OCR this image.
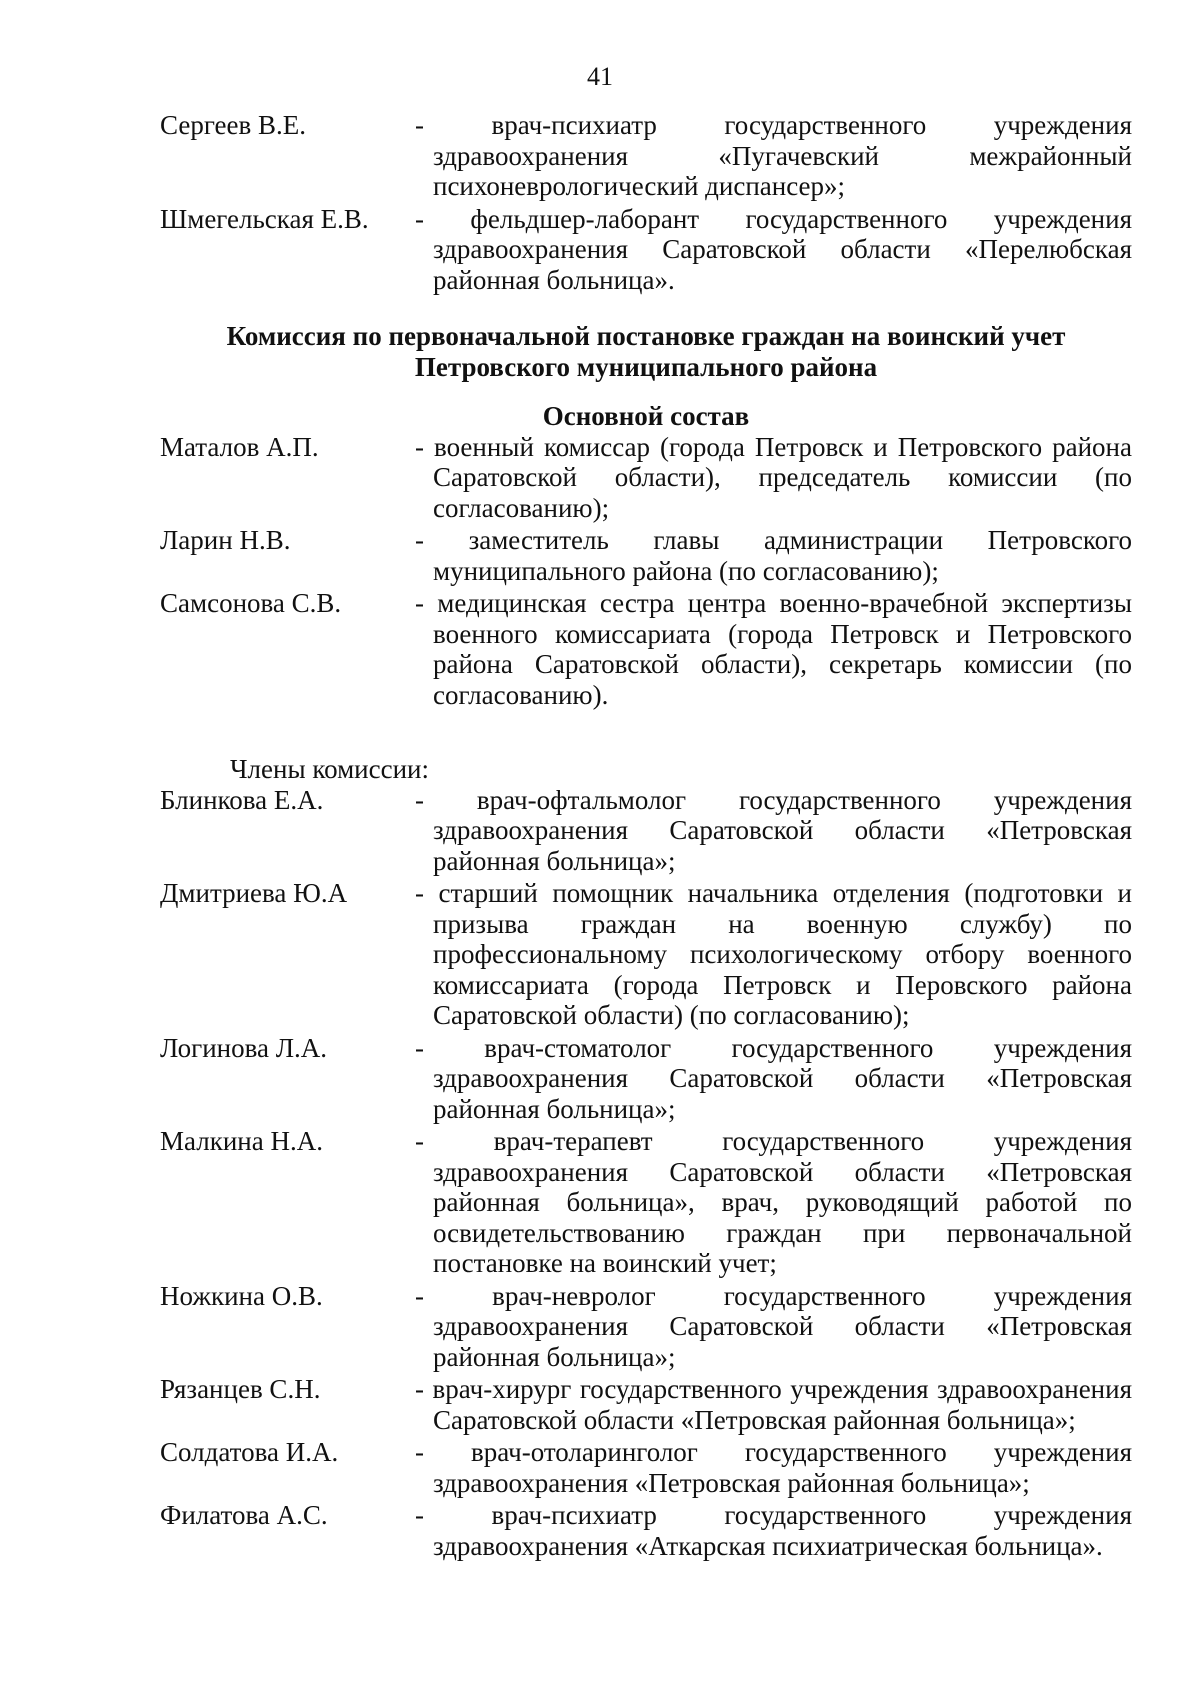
41
Сергеев В.Е.	- врач-психиатр государственного учреждения здравоохранения «Пугачевский межрайонный психоневрологический диспансер»;
Шмегельская Е.В.	- фельдшер-лаборант государственного учреждения здравоохранения Саратовской области «Перелюбская районная больница».
Комиссия по первоначальной постановке граждан на воинский учет
Петровского муниципального района
Основной состав
Маталов А.П.	- военный комиссар (города Петровск и Петровского района Саратовской области), председатель комиссии (по согласованию);
Ларин Н.В.	- заместитель главы администрации Петровского муниципального района (по согласованию);
Самсонова С.В.	- медицинская сестра центра военно-врачебной экспертизы военного комиссариата (города Петровск и Петровского района Саратовской области), секретарь комиссии (по согласованию).
Члены комиссии:
Блинкова Е.А.	- врач-офтальмолог государственного учреждения здравоохранения Саратовской области «Петровская районная больница»;
Дмитриева Ю.А	- старший помощник начальника отделения (подготовки и призыва граждан на военную службу) по профессиональному психологическому отбору военного комиссариата (города Петровск и Перовского района Саратовской области) (по согласованию);
Логинова Л.А.	- врач-стоматолог государственного учреждения здравоохранения Саратовской области «Петровская районная больница»;
Малкина Н.А.	- врач-терапевт государственного учреждения здравоохранения Саратовской области «Петровская районная больница», врач, руководящий работой по освидетельствованию граждан при первоначальной постановке на воинский учет;
Ножкина О.В.	- врач-невролог государственного учреждения здравоохранения Саратовской области «Петровская районная больница»;
Рязанцев С.Н.	- врач-хирург государственного учреждения здравоохранения Саратовской области «Петровская районная больница»;
Солдатова И.А.	- врач-отоларинголог государственного учреждения здравоохранения «Петровская районная больница»;
Филатова А.С.	- врач-психиатр государственного учреждения здравоохранения «Аткарская психиатрическая больница».
